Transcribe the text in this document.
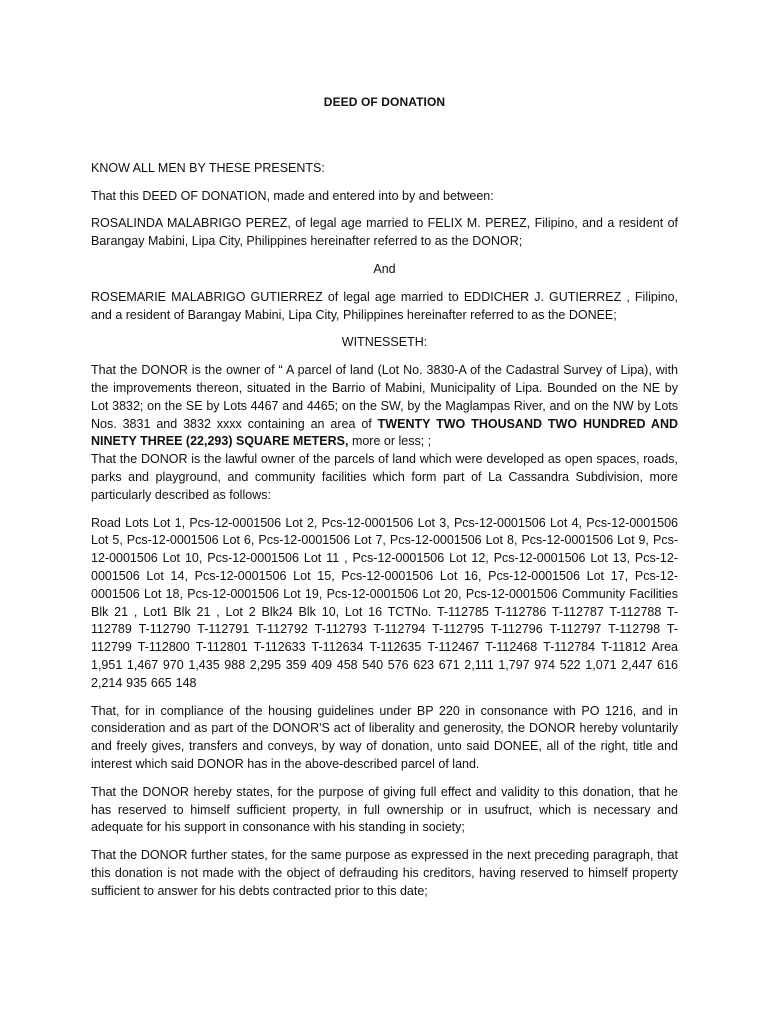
DEED OF DONATION

KNOW ALL MEN BY THESE PRESENTS:

That this DEED OF DONATION, made and entered into by and between:

ROSALINDA MALABRIGO PEREZ, of legal age married to FELIX M. PEREZ, Filipino, and a resident of Barangay Mabini, Lipa City, Philippines hereinafter referred to as the DONOR;

And

ROSEMARIE MALABRIGO GUTIERREZ of legal age married to EDDICHER J. GUTIERREZ , Filipino, and a resident of Barangay Mabini, Lipa City, Philippines hereinafter referred to as the DONEE;

WITNESSETH:

That the DONOR is the owner of “ A parcel of land (Lot No. 3830-A of the Cadastral Survey of Lipa), with the improvements thereon, situated in the Barrio of Mabini, Municipality of Lipa. Bounded on the NE by Lot 3832; on the SE by Lots 4467 and 4465; on the SW, by the Maglampas River, and on the NW by Lots Nos. 3831 and 3832 xxxx containing an area of TWENTY TWO THOUSAND TWO HUNDRED AND NINETY THREE (22,293) SQUARE METERS, more or less; ;

That the DONOR is the lawful owner of the parcels of land which were developed as open spaces, roads, parks and playground, and community facilities which form part of La Cassandra Subdivision, more particularly described as follows:

Road Lots Lot 1, Pcs-12-0001506 Lot 2, Pcs-12-0001506 Lot 3, Pcs-12-0001506 Lot 4, Pcs-12-0001506 Lot 5, Pcs-12-0001506 Lot 6, Pcs-12-0001506 Lot 7, Pcs-12-0001506 Lot 8, Pcs-12-0001506 Lot 9, Pcs-12-0001506 Lot 10, Pcs-12-0001506 Lot 11 , Pcs-12-0001506 Lot 12, Pcs-12-0001506 Lot 13, Pcs-12-0001506 Lot 14, Pcs-12-0001506 Lot 15, Pcs-12-0001506 Lot 16, Pcs-12-0001506 Lot 17, Pcs-12-0001506 Lot 18, Pcs-12-0001506 Lot 19, Pcs-12-0001506 Lot 20, Pcs-12-0001506 Community Facilities Blk 21 , Lot1 Blk 21 , Lot 2 Blk24 Blk 10, Lot 16 TCTNo. T-112785 T-112786 T-112787 T-112788 T-112789 T-112790 T-112791 T-112792 T-112793 T-112794 T-112795 T-112796 T-112797 T-112798 T-112799 T-112800 T-112801 T-112633 T-112634 T-112635 T-112467 T-112468 T-112784 T-11812 Area 1,951 1,467 970 1,435 988 2,295 359 409 458 540 576 623 671 2,111 1,797 974 522 1,071 2,447 616 2,214 935 665 148

That, for in compliance of the housing guidelines under BP 220 in consonance with PO 1216, and in consideration and as part of the DONOR'S act of liberality and generosity, the DONOR hereby voluntarily and freely gives, transfers and conveys, by way of donation, unto said DONEE, all of the right, title and interest which said DONOR has in the above-described parcel of land.

That the DONOR hereby states, for the purpose of giving full effect and validity to this donation, that he has reserved to himself sufficient property, in full ownership or in usufruct, which is necessary and adequate for his support in consonance with his standing in society;

That the DONOR further states, for the same purpose as expressed in the next preceding paragraph, that this donation is not made with the object of defrauding his creditors, having reserved to himself property sufficient to answer for his debts contracted prior to this date;
